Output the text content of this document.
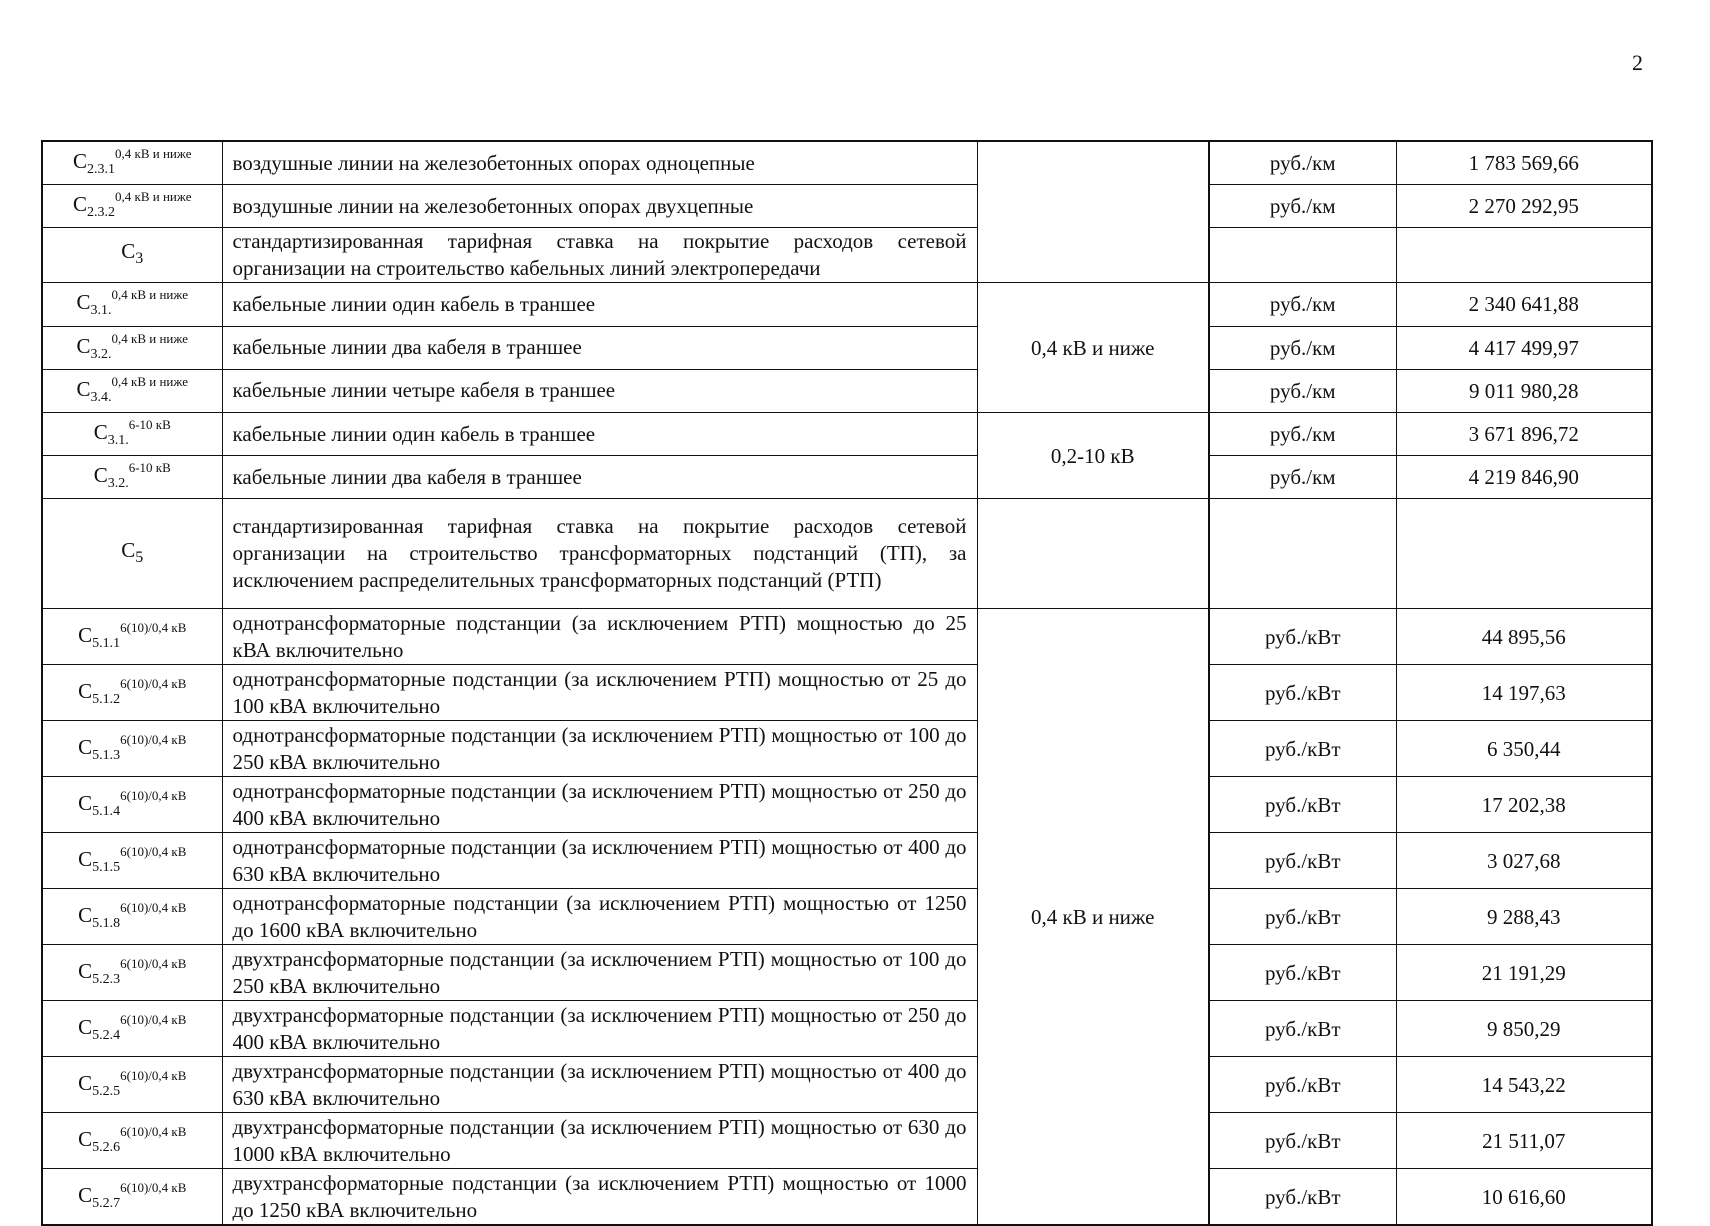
2
$C_{2.3.1}^{0,4 кВ и ниже}$	воздушные линии на железобетонных опорах одноцепные		руб./км	1 783 569,66
$C_{2.3.2}^{0,4 кВ и ниже}$	воздушные линии на железобетонных опорах двухцепные		руб./км	2 270 292,95
$C_3$	стандартизированная тарифная ставка на покрытие расходов сетевой организации на строительство кабельных линий электропередачи			
$C_{3.1.}^{0,4 кВ и ниже}$	кабельные линии один кабель в траншее	0,4 кВ и ниже	руб./км	2 340 641,88
$C_{3.2.}^{0,4 кВ и ниже}$	кабельные линии два кабеля в траншее		руб./км	4 417 499,97
$C_{3.4.}^{0,4 кВ и ниже}$	кабельные линии четыре кабеля в траншее		руб./км	9 011 980,28
$C_{3.1.}^{6-10 кВ}$	кабельные линии один кабель в траншее	0,2-10 кВ	руб./км	3 671 896,72
$C_{3.2.}^{6-10 кВ}$	кабельные линии два кабеля в траншее		руб./км	4 219 846,90
$C_5$	стандартизированная тарифная ставка на покрытие расходов сетевой организации на строительство трансформаторных подстанций (ТП), за исключением распределительных трансформаторных подстанций (РТП)			
$C_{5.1.1}^{6(10)/0,4 кВ}$	однотрансформаторные подстанции (за исключением РТП) мощностью до 25 кВА включительно	0,4 кВ и ниже	руб./кВт	44 895,56
$C_{5.1.2}^{6(10)/0,4 кВ}$	однотрансформаторные подстанции (за исключением РТП) мощностью от 25 до 100 кВА включительно		руб./кВт	14 197,63
$C_{5.1.3}^{6(10)/0,4 кВ}$	однотрансформаторные подстанции (за исключением РТП) мощностью от 100 до 250 кВА включительно		руб./кВт	6 350,44
$C_{5.1.4}^{6(10)/0,4 кВ}$	однотрансформаторные подстанции (за исключением РТП) мощностью от 250 до 400 кВА включительно		руб./кВт	17 202,38
$C_{5.1.5}^{6(10)/0,4 кВ}$	однотрансформаторные подстанции (за исключением РТП) мощностью от 400 до 630 кВА включительно		руб./кВт	3 027,68
$C_{5.1.8}^{6(10)/0,4 кВ}$	однотрансформаторные подстанции (за исключением РТП) мощностью от 1250 до 1600 кВА включительно		руб./кВт	9 288,43
$C_{5.2.3}^{6(10)/0,4 кВ}$	двухтрансформаторные подстанции (за исключением РТП) мощностью от 100 до 250 кВА включительно		руб./кВт	21 191,29
$C_{5.2.4}^{6(10)/0,4 кВ}$	двухтрансформаторные подстанции (за исключением РТП) мощностью от 250 до 400 кВА включительно		руб./кВт	9 850,29
$C_{5.2.5}^{6(10)/0,4 кВ}$	двухтрансформаторные подстанции (за исключением РТП) мощностью от 400 до 630 кВА включительно		руб./кВт	14 543,22
$C_{5.2.6}^{6(10)/0,4 кВ}$	двухтрансформаторные подстанции (за исключением РТП) мощностью от 630 до 1000 кВА включительно		руб./кВт	21 511,07
$C_{5.2.7}^{6(10)/0,4 кВ}$	двухтрансформаторные подстанции (за исключением РТП) мощностью от 1000 до 1250 кВА включительно		руб./кВт	10 616,60
